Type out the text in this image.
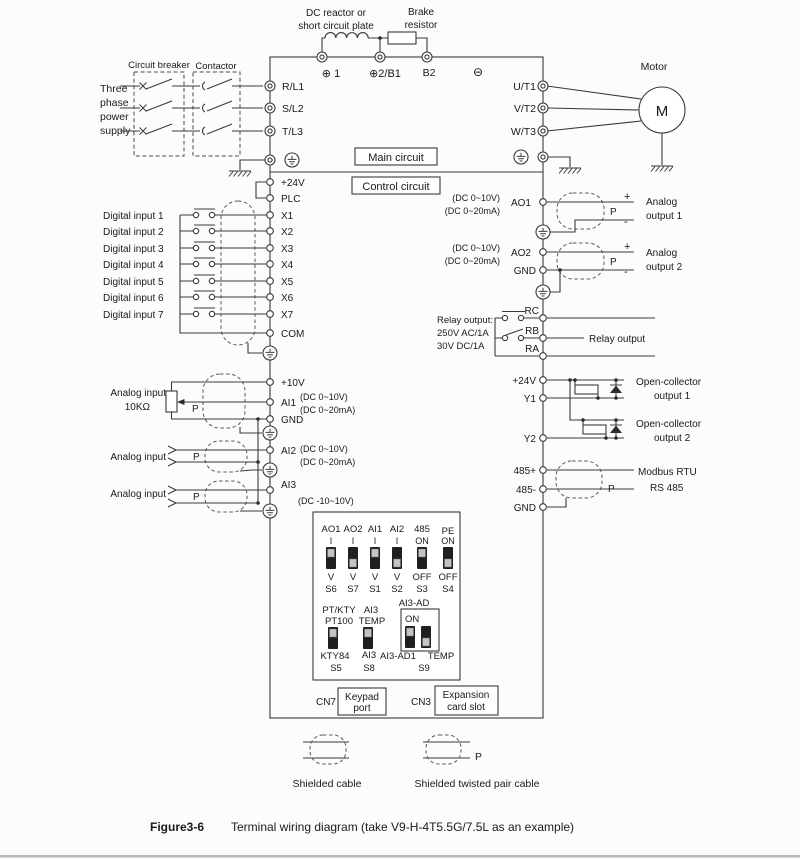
DC reactor or
short circuit plate
Brake
resistor
⊕ 1	⊕2/B1 B2	⊖
Circuit breaker Contactor
Three
phase
power
supply
R/L1
S/L2
T/L3
M
Motor
U/T1
V/T2
W/T3
Main circuit
Control circuit
+24V
PLC
Digital input 1	X1
Digital input 2	X2
Digital input 3	X3
Digital input 4	X4
Digital input 5	X5
Digital input 6	X6
Digital input 7	X7
COM
+10V
AI1
GND
(DC 0~10V)
(DC 0~20mA)
Analog input
10KΩ	P
AI2 (DC 0~10V)
(DC 0~20mA)
Analog input	P
AI3
(DC -10~10V)
Analog input	P
AO1
(DC 0~10V)
(DC 0~20mA)
+
-
P
Analog
output 1
AO2
GND
(DC 0~10V)
(DC 0~20mA)
+
-
P
Analog
output 2
Relay output:
250V AC/1A
30V DC/1A
RC
RB
RA
Relay output
+24V
Y1
Y2
Open-collector
output 1
Open-collector
output 2
485+
485-
GND
P
Modbus RTU
RS 485
AO1 AO2 AI1 AI2 485 PE
I I I I ON ON
V V V V OFF OFF
S6 S7 S1 S2 S3 S4
PT/KTY
PT100
AI3
TEMP
AI3-AD
ON
KTY84 AI3 AI3-AD1 TEMP
S5 S8	S9
CN7 Keypad
port
CN3
Expansion
card slot
P
Shielded cable	Shielded twisted pair cable
Figure3-6 Terminal wiring diagram (take V9-H-4T5.5G/7.5L as an example)
